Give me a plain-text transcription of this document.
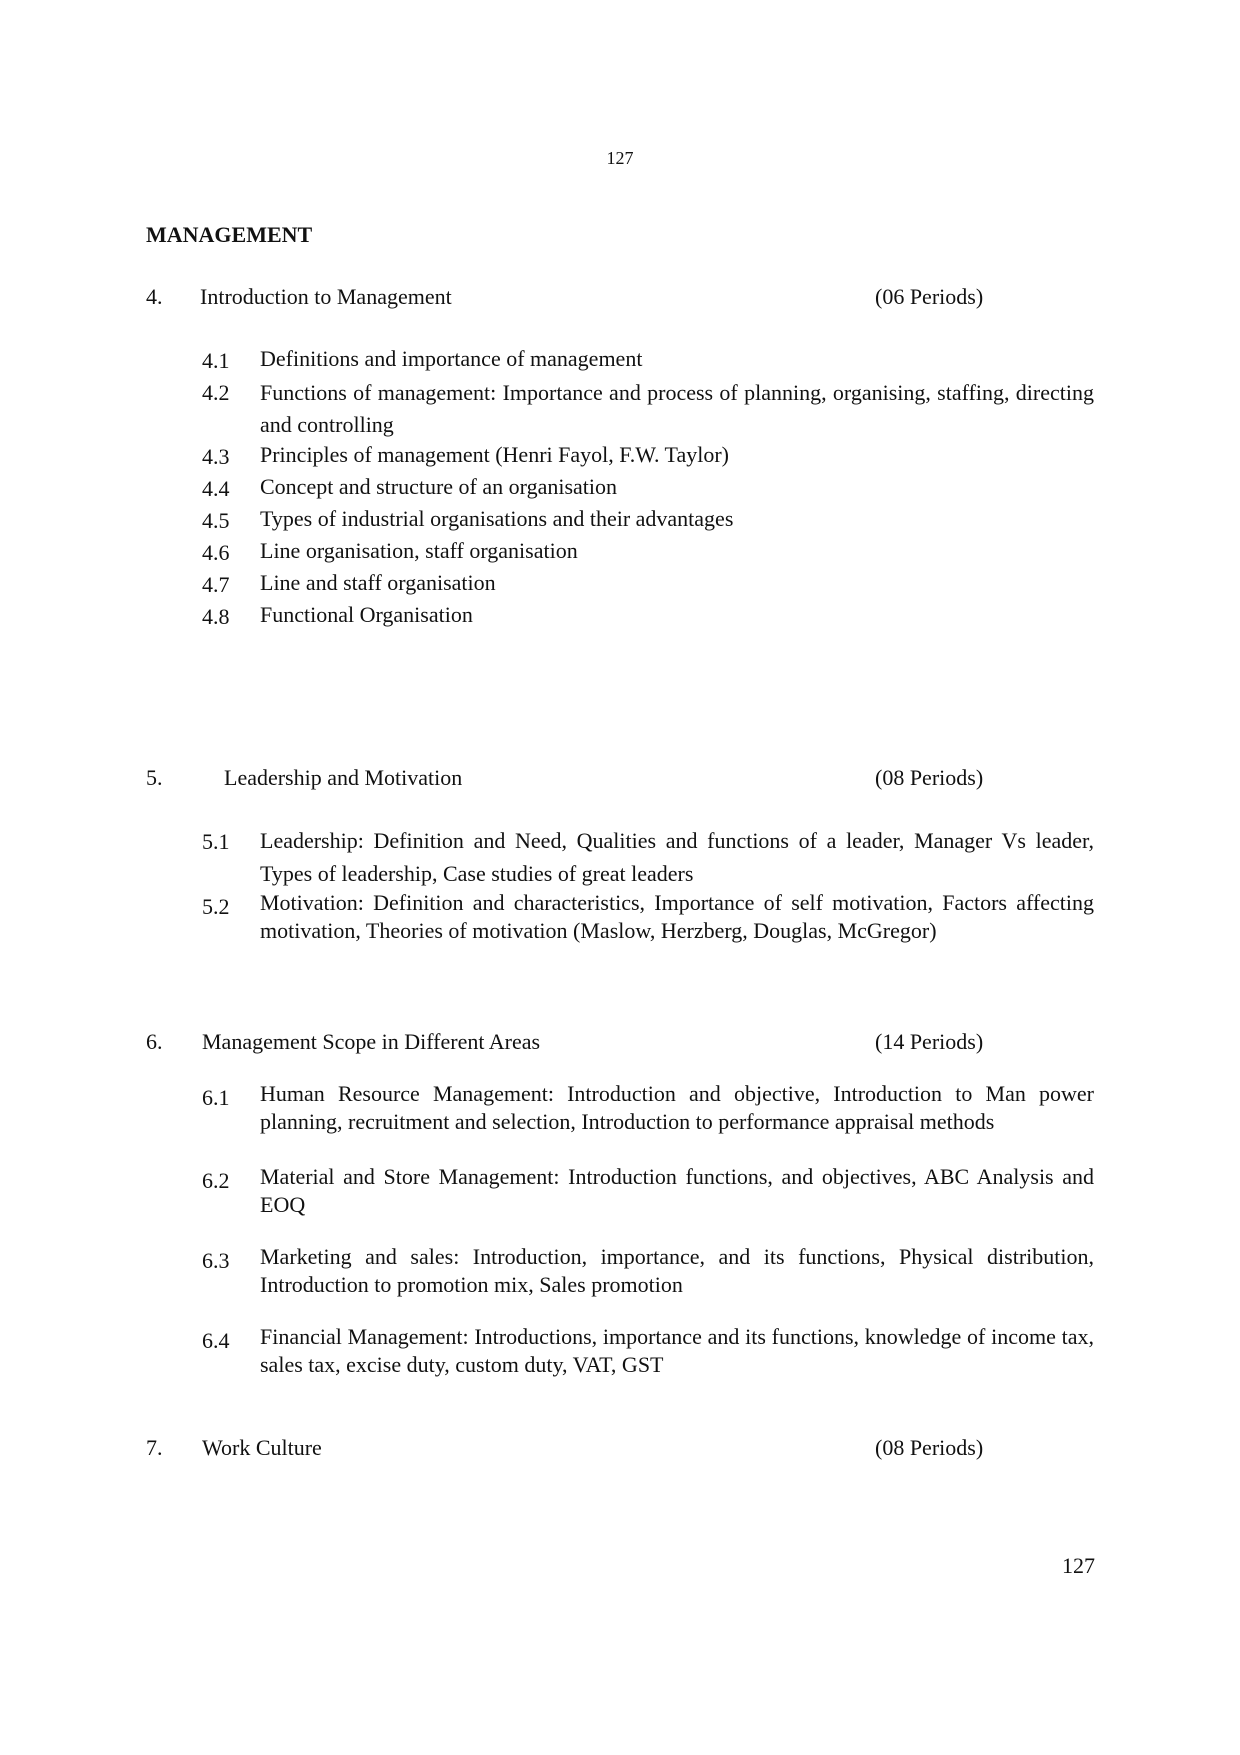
127
MANAGEMENT
4. Introduction to Management	(06 Periods)
4.1 Definitions and importance of management
4.2 Functions of management: Importance and process of planning, organising, staffing, directing and controlling
4.3 Principles of management (Henri Fayol, F.W. Taylor)
4.4 Concept and structure of an organisation
4.5 Types of industrial organisations and their advantages
4.6 Line organisation, staff organisation
4.7 Line and staff organisation
4.8 Functional Organisation
5.	Leadership and Motivation	(08 Periods)
5.1 Leadership: Definition and Need, Qualities and functions of a leader, Manager Vs leader, Types of leadership, Case studies of great leaders
5.2 Motivation: Definition and characteristics, Importance of self motivation, Factors affecting motivation, Theories of motivation (Maslow, Herzberg, Douglas, McGregor)
6. Management Scope in Different Areas	(14 Periods)
6.1 Human Resource Management: Introduction and objective, Introduction to Man power planning, recruitment and selection, Introduction to performance appraisal methods
6.2 Material and Store Management: Introduction functions, and objectives, ABC Analysis and EOQ
6.3 Marketing and sales: Introduction, importance, and its functions, Physical distribution, Introduction to promotion mix, Sales promotion
6.4 Financial Management: Introductions, importance and its functions, knowledge of income tax, sales tax, excise duty, custom duty, VAT, GST
7. Work Culture	(08 Periods)
127
